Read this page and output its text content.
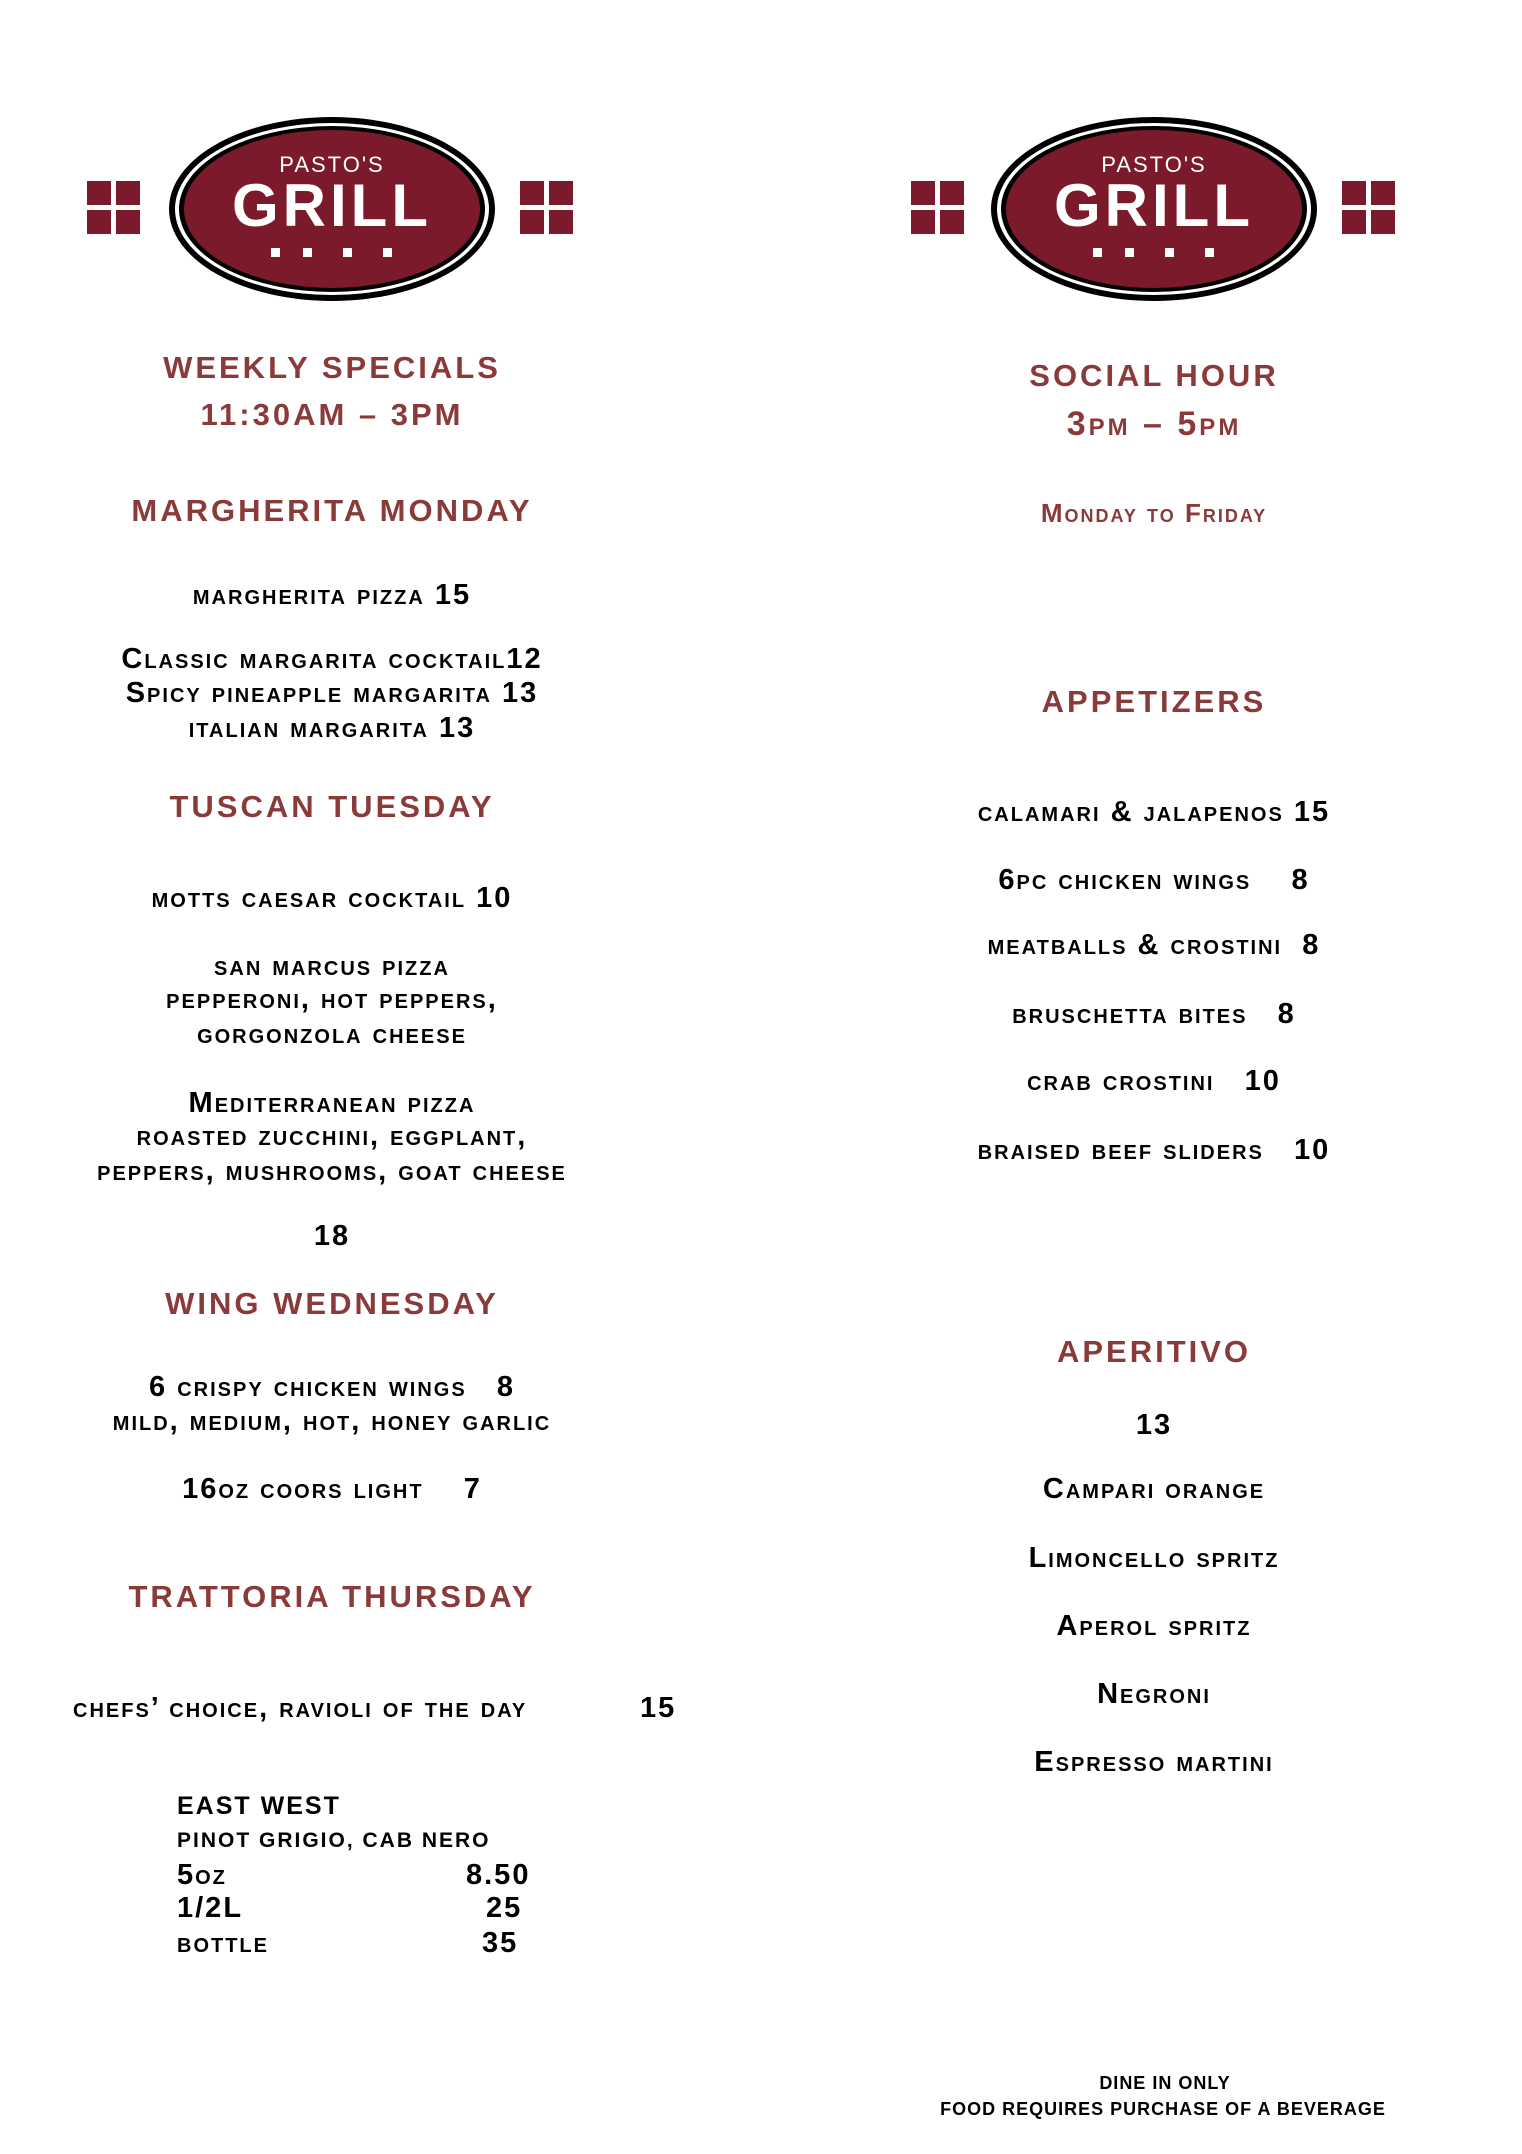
PASTO'S
GRILL
PASTO'S
GRILL
WEEKLY SPECIALS
11:30AM – 3PM
MARGHERITA MONDAY
margherita pizza 15
Classic margarita cocktail12
Spicy pineapple margarita 13
italian margarita 13
TUSCAN TUESDAY
motts caesar cocktail 10
san marcus pizza
pepperoni, hot peppers,
gorgonzola cheese
Mediterranean pizza
roasted zucchini, eggplant,
peppers, mushrooms, goat cheese
18
WING WEDNESDAY
6 crispy chicken wings   8
mild, medium, hot, honey garlic
16oz coors light    7
TRATTORIA THURSDAY
chefs’ choice, ravioli of the day	15
EAST WEST
PINOT GRIGIO, CAB NERO
5oz	8.50
1/2L	25
bottle	35
SOCIAL HOUR
3pm – 5pm
Monday to Friday
APPETIZERS
calamari & jalapenos 15
6pc chicken wings    8
meatballs & crostini  8
bruschetta bites   8
crab crostini   10
braised beef sliders   10
APERITIVO
13
Campari orange
Limoncello spritz
Aperol spritz
Negroni
Espresso martini
DINE IN ONLY
FOOD REQUIRES PURCHASE OF A BEVERAGE
